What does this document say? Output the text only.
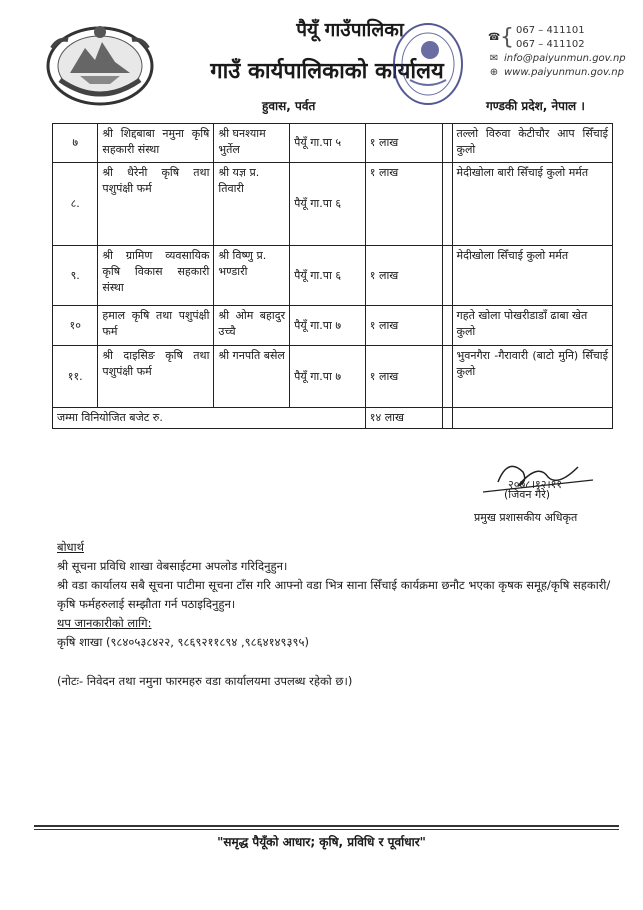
पैयूँ गाउँपालिका
गाउँ कार्यपालिकाको कार्यालय
हुवास, पर्वत	गण्डकी प्रदेश, नेपाल ।
☎ { 067 – 411101
067 – 411102
✉ info@paiyunmun.gov.np
⊕ www.paiyunmun.gov.np
७	श्री शिद्दबाबा नमुना कृषि सहकारी संस्था	श्री घनश्याम भुर्तेल	पैयूँ गा.पा ५	१ लाख		तल्लो विरुवा केटीचौर आप सिँचाई कुलो
८.	श्री धैरेनी कृषि तथा पशुपंक्षी फर्म	श्री यज्ञ प्र. तिवारी	पैयूँ गा.पा ६	१ लाख		मेदीखोला बारी सिँचाई कुलो मर्मत
९.	श्री ग्रामिण व्यवसायिक कृषि विकास सहकारी संस्था	श्री विष्णु प्र. भण्डारी	पैयूँ गा.पा ६	१ लाख		मेदीखोला सिँचाई कुलो मर्मत
१०	हमाल कृषि तथा पशुपंक्षी फर्म	श्री ओम बहादुर उच्चै	पैयूँ गा.पा ७	१ लाख		गहते खोला पोखरीडाडाँ ढाबा खेत कुलो
११.	श्री दाइसिङ कृषि तथा पशुपंक्षी फर्म	श्री गनपति बसेल	पैयूँ गा.पा ७	१ लाख		भुवनगैरा -गैरावारी (बाटो मुनि) सिँचाई कुलो
जम्मा विनियोजित बजेट रु.				१४ लाख		
२०७८।१२।११
(जिवन गैरे)
प्रमुख प्रशासकीय अधिकृत
बोधार्थ
श्री सूचना प्रविधि शाखा वेबसाईटमा अपलोड गरिदिनुहुन।
श्री वडा कार्यालय सबै सूचना पाटीमा सूचना टाँस गरि आफ्नो वडा भित्र साना सिँचाई कार्यक्रमा छनौट भएका कृषक समूह/कृषि सहकारी/कृषि फर्महरुलाई सम्झौता गर्न पठाइदिनुहुन।
थप जानकारीको लागि:
कृषि शाखा (९८४०५३८४२२, ९८६९२११८९४ ,९८६४१४९३९५)
(नोटः- निवेदन तथा नमुना फारमहरु वडा कार्यालयमा उपलब्ध रहेको छ।)
"समृद्ध पैयूँको आधार; कृषि, प्रविधि र पूर्वाधार"
